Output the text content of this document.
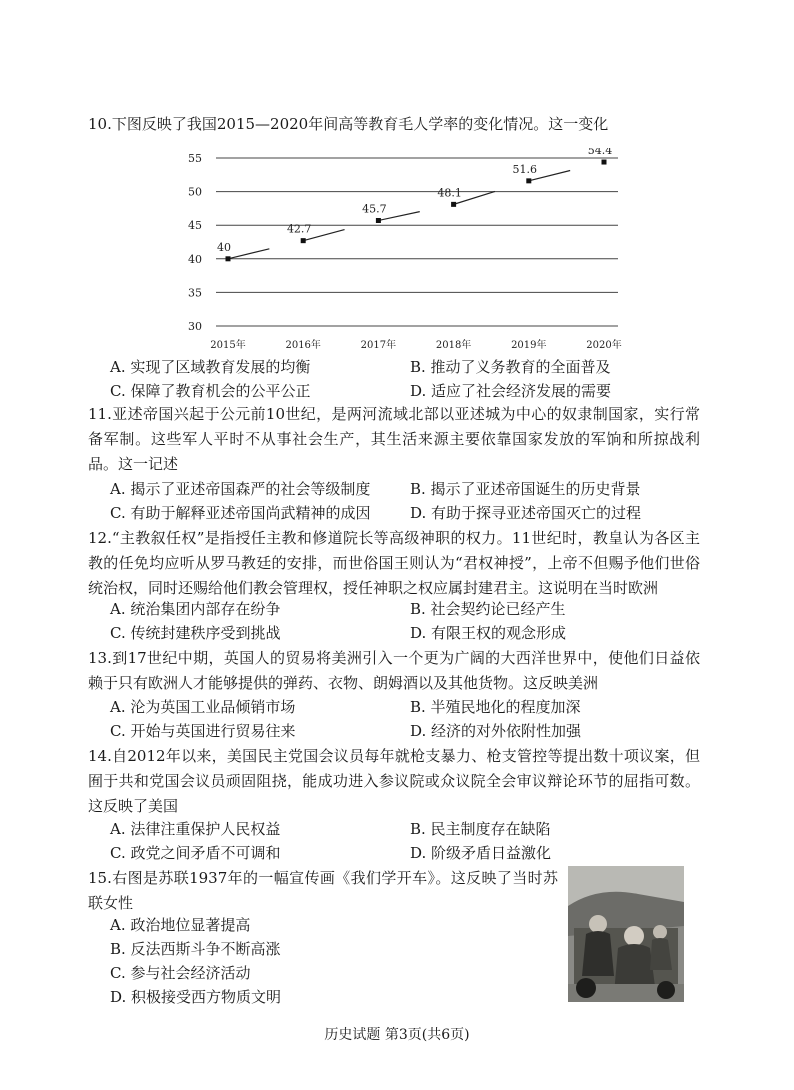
10.下图反映了我国2015—2020年间高等教育毛人学率的变化情况。这一变化

55
50
45
40
35
30
2015年	2016年	2017年	2018年	2019年	2020年
40
42.7
45.7
48.1
51.6
54.4
A. 实现了区域教育发展的均衡	B. 推动了义务教育的全面普及
C. 保障了教育机会的公平公正	D. 适应了社会经济发展的需要

11.亚述帝国兴起于公元前10世纪，是两河流域北部以亚述城为中心的奴隶制国家，实行常备军制。这些军人平时不从事社会生产，其生活来源主要依靠国家发放的军饷和所掠战利品。这一记述

A. 揭示了亚述帝国森严的社会等级制度	B. 揭示了亚述帝国诞生的历史背景
C. 有助于解释亚述帝国尚武精神的成因	D. 有助于探寻亚述帝国灭亡的过程

12.“主教叙任权”是指授任主教和修道院长等高级神职的权力。11世纪时，教皇认为各区主教的任免均应听从罗马教廷的安排，而世俗国王则认为“君权神授”，上帝不但赐予他们世俗统治权，同时还赐给他们教会管理权，授任神职之权应属封建君主。这说明在当时欧洲

A. 统治集团内部存在纷争	B. 社会契约论已经产生
C. 传统封建秩序受到挑战	D. 有限王权的观念形成

13.到17世纪中期，英国人的贸易将美洲引入一个更为广阔的大西洋世界中，使他们日益依赖于只有欧洲人才能够提供的弹药、衣物、朗姆酒以及其他货物。这反映美洲

A. 沦为英国工业品倾销市场	B. 半殖民地化的程度加深
C. 开始与英国进行贸易往来	D. 经济的对外依附性加强

14.自2012年以来，美国民主党国会议员每年就枪支暴力、枪支管控等提出数十项议案，但囿于共和党国会议员顽固阻挠，能成功进入参议院或众议院全会审议辩论环节的屈指可数。这反映了美国

A. 法律注重保护人民权益	B. 民主制度存在缺陷
C. 政党之间矛盾不可调和	D. 阶级矛盾日益激化

15.右图是苏联1937年的一幅宣传画《我们学开车》。这反映了当时苏联女性

A. 政治地位显著提高
B. 反法西斯斗争不断高涨
C. 参与社会经济活动
D. 积极接受西方物质文明
历史试题 第3页(共6页)
